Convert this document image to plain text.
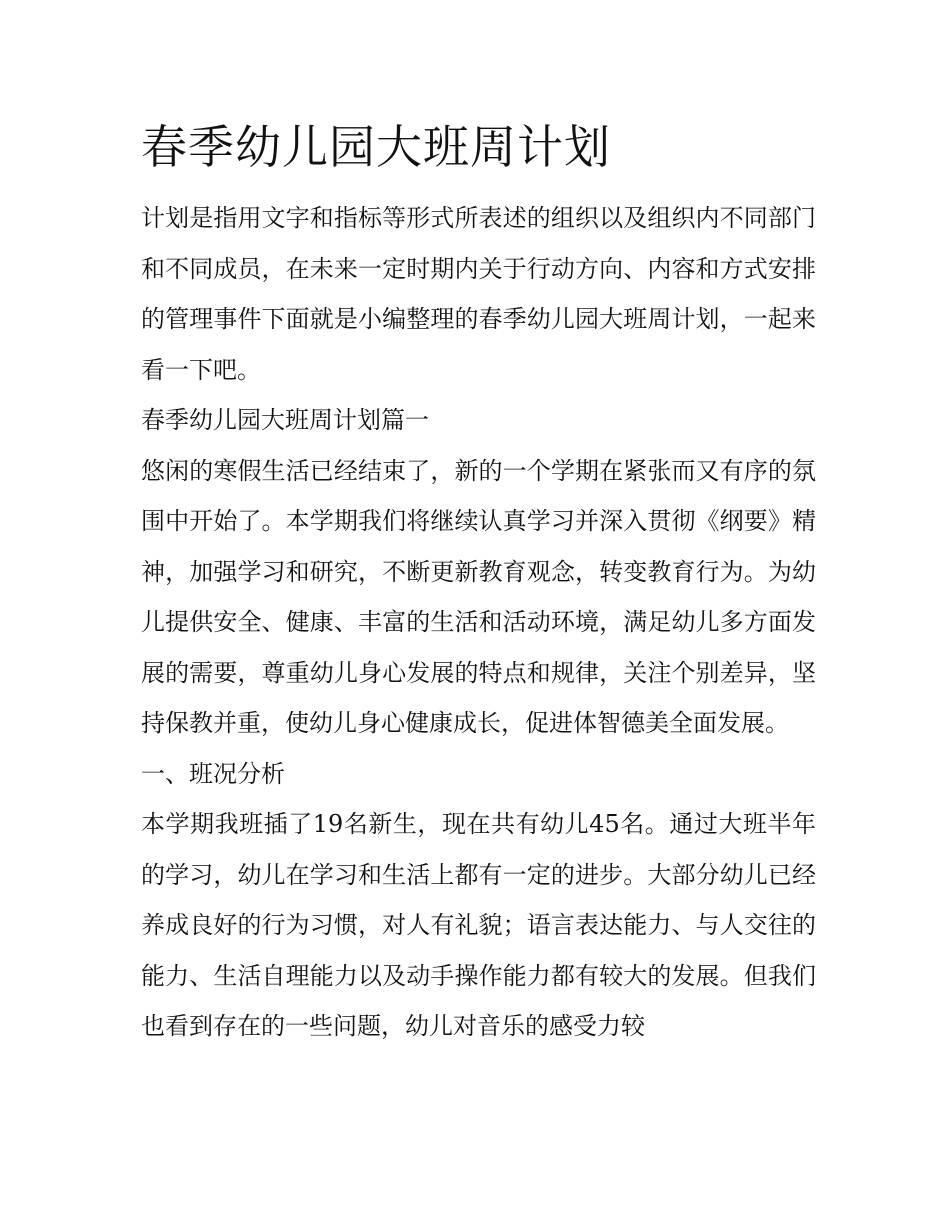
春季幼儿园大班周计划

计划是指用文字和指标等形式所表述的组织以及组织内不同部门和不同成员，在未来一定时期内关于行动方向、内容和方式安排的管理事件下面就是小编整理的春季幼儿园大班周计划，一起来看一下吧。

春季幼儿园大班周计划篇一

悠闲的寒假生活已经结束了，新的一个学期在紧张而又有序的氛围中开始了。本学期我们将继续认真学习并深入贯彻《纲要》精神，加强学习和研究，不断更新教育观念，转变教育行为。为幼儿提供安全、健康、丰富的生活和活动环境，满足幼儿多方面发展的需要，尊重幼儿身心发展的特点和规律，关注个别差异，坚持保教并重，使幼儿身心健康成长，促进体智德美全面发展。

一、班况分析

本学期我班插了19名新生，现在共有幼儿45名。通过大班半年的学习，幼儿在学习和生活上都有一定的进步。大部分幼儿已经养成良好的行为习惯，对人有礼貌；语言表达能力、与人交往的能力、生活自理能力以及动手操作能力都有较大的发展。但我们也看到存在的一些问题，幼儿对音乐的感受力较
